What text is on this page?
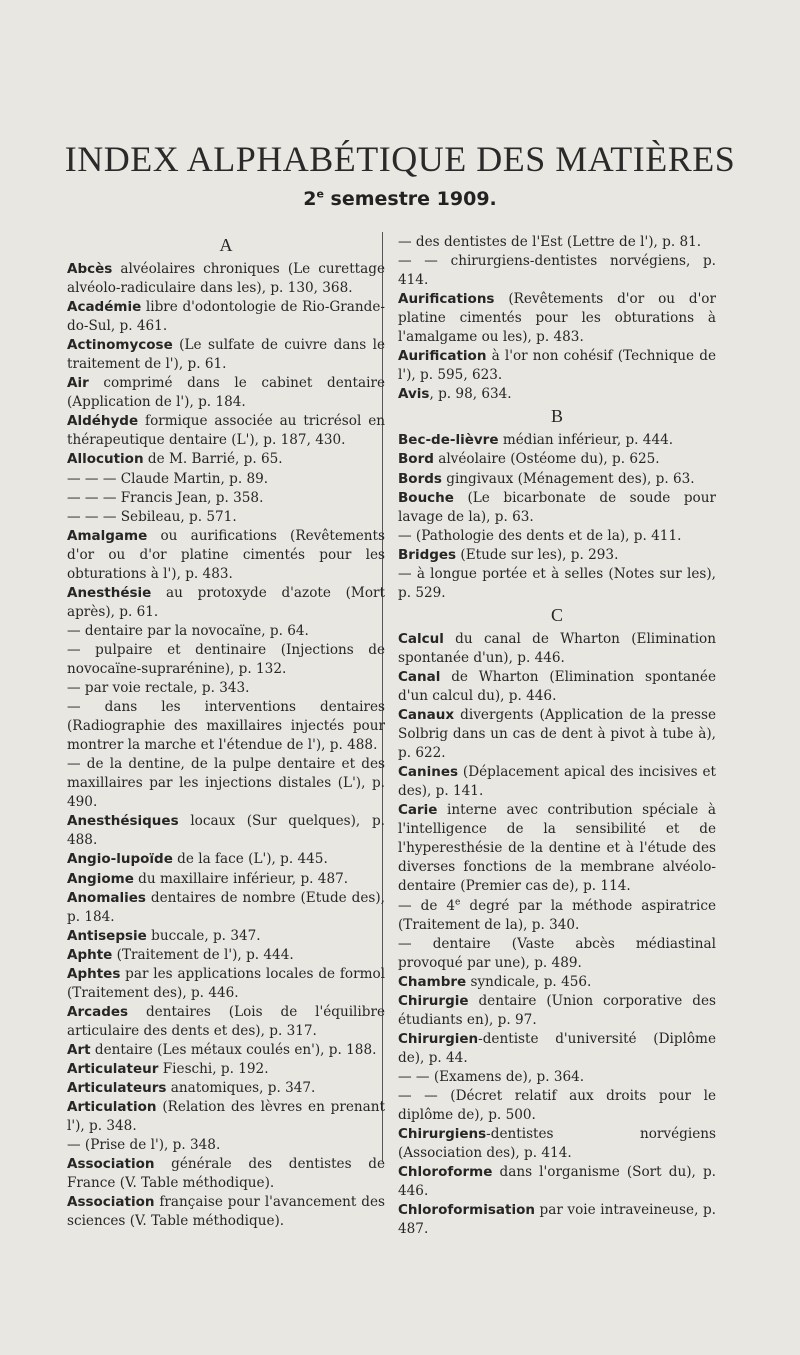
INDEX ALPHABÉTIQUE DES MATIÈRES
2e semestre 1909.
A
Abcès alvéolaires chroniques (Le curettage alvéolo-radiculaire dans les), p. 130, 368.
Académie libre d'odontologie de Rio-Grande-do-Sul, p. 461.
Actinomycose (Le sulfate de cuivre dans le traitement de l'), p. 61.
Air comprimé dans le cabinet dentaire (Application de l'), p. 184.
Aldéhyde formique associée au tricrésol en thérapeutique dentaire (L'), p. 187, 430.
Allocution de M. Barrié, p. 65.
— — — Claude Martin, p. 89.
— — — Francis Jean, p. 358.
— — — Sebileau, p. 571.
Amalgame ou aurifications (Revêtements d'or ou d'or platine cimentés pour les obturations à l'), p. 483.
Anesthésie au protoxyde d'azote (Mort après), p. 61.
— dentaire par la novocaïne, p. 64.
— pulpaire et dentinaire (Injections de novocaïne-suprarénine), p. 132.
— par voie rectale, p. 343.
— dans les interventions dentaires (Radiographie des maxillaires injectés pour montrer la marche et l'étendue de l'), p. 488.
— de la dentine, de la pulpe dentaire et des maxillaires par les injections distales (L'), p. 490.
Anesthésiques locaux (Sur quelques), p. 488.
Angio-lupoïde de la face (L'), p. 445.
Angiome du maxillaire inférieur, p. 487.
Anomalies dentaires de nombre (Etude des), p. 184.
Antisepsie buccale, p. 347.
Aphte (Traitement de l'), p. 444.
Aphtes par les applications locales de formol (Traitement des), p. 446.
Arcades dentaires (Lois de l'équilibre articulaire des dents et des), p. 317.
Art dentaire (Les métaux coulés en'), p. 188.
Articulateur Fieschi, p. 192.
Articulateurs anatomiques, p. 347.
Articulation (Relation des lèvres en prenant l'), p. 348.
— (Prise de l'), p. 348.
Association générale des dentistes de France (V. Table méthodique).
Association française pour l'avancement des sciences (V. Table méthodique).
— des dentistes de l'Est (Lettre de l'), p. 81.
— — chirurgiens-dentistes norvégiens, p. 414.
Aurifications (Revêtements d'or ou d'or platine cimentés pour les obturations à l'amalgame ou les), p. 483.
Aurification à l'or non cohésif (Technique de l'), p. 595, 623.
Avis, p. 98, 634.
B
Bec-de-lièvre médian inférieur, p. 444.
Bord alvéolaire (Ostéome du), p. 625.
Bords gingivaux (Ménagement des), p. 63.
Bouche (Le bicarbonate de soude pour lavage de la), p. 63.
— (Pathologie des dents et de la), p. 411.
Bridges (Etude sur les), p. 293.
— à longue portée et à selles (Notes sur les), p. 529.
C
Calcul du canal de Wharton (Elimination spontanée d'un), p. 446.
Canal de Wharton (Elimination spontanée d'un calcul du), p. 446.
Canaux divergents (Application de la presse Solbrig dans un cas de dent à pivot à tube à), p. 622.
Canines (Déplacement apical des incisives et des), p. 141.
Carie interne avec contribution spéciale à l'intelligence de la sensibilité et de l'hyperesthésie de la dentine et à l'étude des diverses fonctions de la membrane alvéolo-dentaire (Premier cas de), p. 114.
— de 4e degré par la méthode aspiratrice (Traitement de la), p. 340.
— dentaire (Vaste abcès médiastinal provoqué par une), p. 489.
Chambre syndicale, p. 456.
Chirurgie dentaire (Union corporative des étudiants en), p. 97.
Chirurgien-dentiste d'université (Diplôme de), p. 44.
— — (Examens de), p. 364.
— — (Décret relatif aux droits pour le diplôme de), p. 500.
Chirurgiens-dentistes norvégiens (Association des), p. 414.
Chloroforme dans l'organisme (Sort du), p. 446.
Chloroformisation par voie intraveineuse, p. 487.
